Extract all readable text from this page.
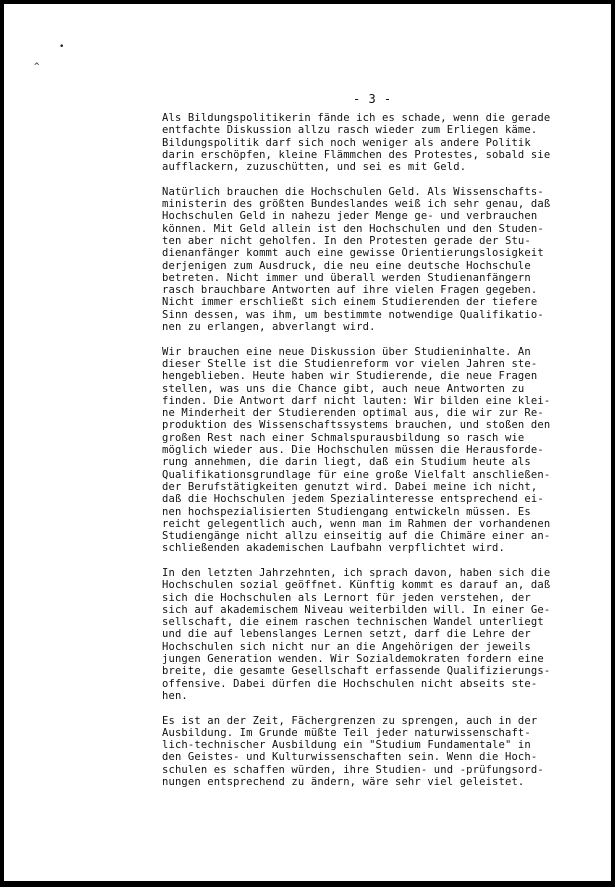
•
^
- 3 -
Als Bildungspolitikerin fände ich es schade, wenn die gerade
entfachte Diskussion allzu rasch wieder zum Erliegen käme.
Bildungspolitik darf sich noch weniger als andere Politik
darin erschöpfen, kleine Flämmchen des Protestes, sobald sie
aufflackern, zuzuschütten, und sei es mit Geld.
Natürlich brauchen die Hochschulen Geld. Als Wissenschafts-
ministerin des größten Bundeslandes weiß ich sehr genau, daß
Hochschulen Geld in nahezu jeder Menge ge- und verbrauchen
können. Mit Geld allein ist den Hochschulen und den Studen-
ten aber nicht geholfen. In den Protesten gerade der Stu-
dienanfänger kommt auch eine gewisse Orientierungslosigkeit
derjenigen zum Ausdruck, die neu eine deutsche Hochschule
betreten. Nicht immer und überall werden Studienanfängern
rasch brauchbare Antworten auf ihre vielen Fragen gegeben.
Nicht immer erschließt sich einem Studierenden der tiefere
Sinn dessen, was ihm, um bestimmte notwendige Qualifikatio-
nen zu erlangen, abverlangt wird.
Wir brauchen eine neue Diskussion über Studieninhalte. An
dieser Stelle ist die Studienreform vor vielen Jahren ste-
hengeblieben. Heute haben wir Studierende, die neue Fragen
stellen, was uns die Chance gibt, auch neue Antworten zu
finden. Die Antwort darf nicht lauten: Wir bilden eine klei-
ne Minderheit der Studierenden optimal aus, die wir zur Re-
produktion des Wissenschaftssystems brauchen, und stoßen den
großen Rest nach einer Schmalspurausbildung so rasch wie
möglich wieder aus. Die Hochschulen müssen die Herausforde-
rung annehmen, die darin liegt, daß ein Studium heute als
Qualifikationsgrundlage für eine große Vielfalt anschließen-
der Berufstätigkeiten genutzt wird. Dabei meine ich nicht,
daß die Hochschulen jedem Spezialinteresse entsprechend ei-
nen hochspezialisierten Studiengang entwickeln müssen. Es
reicht gelegentlich auch, wenn man im Rahmen der vorhandenen
Studiengänge nicht allzu einseitig auf die Chimäre einer an-
schließenden akademischen Laufbahn verpflichtet wird.
In den letzten Jahrzehnten, ich sprach davon, haben sich die
Hochschulen sozial geöffnet. Künftig kommt es darauf an, daß
sich die Hochschulen als Lernort für jeden verstehen, der
sich auf akademischem Niveau weiterbilden will. In einer Ge-
sellschaft, die einem raschen technischen Wandel unterliegt
und die auf lebenslanges Lernen setzt, darf die Lehre der
Hochschulen sich nicht nur an die Angehörigen der jeweils
jungen Generation wenden. Wir Sozialdemokraten fordern eine
breite, die gesamte Gesellschaft erfassende Qualifizierungs-
offensive. Dabei dürfen die Hochschulen nicht abseits ste-
hen.
Es ist an der Zeit, Fächergrenzen zu sprengen, auch in der
Ausbildung. Im Grunde müßte Teil jeder naturwissenschaft-
lich-technischer Ausbildung ein "Studium Fundamentale" in
den Geistes- und Kulturwissenschaften sein. Wenn die Hoch-
schulen es schaffen würden, ihre Studien- und -prüfungsord-
nungen entsprechend zu ändern, wäre sehr viel geleistet.
